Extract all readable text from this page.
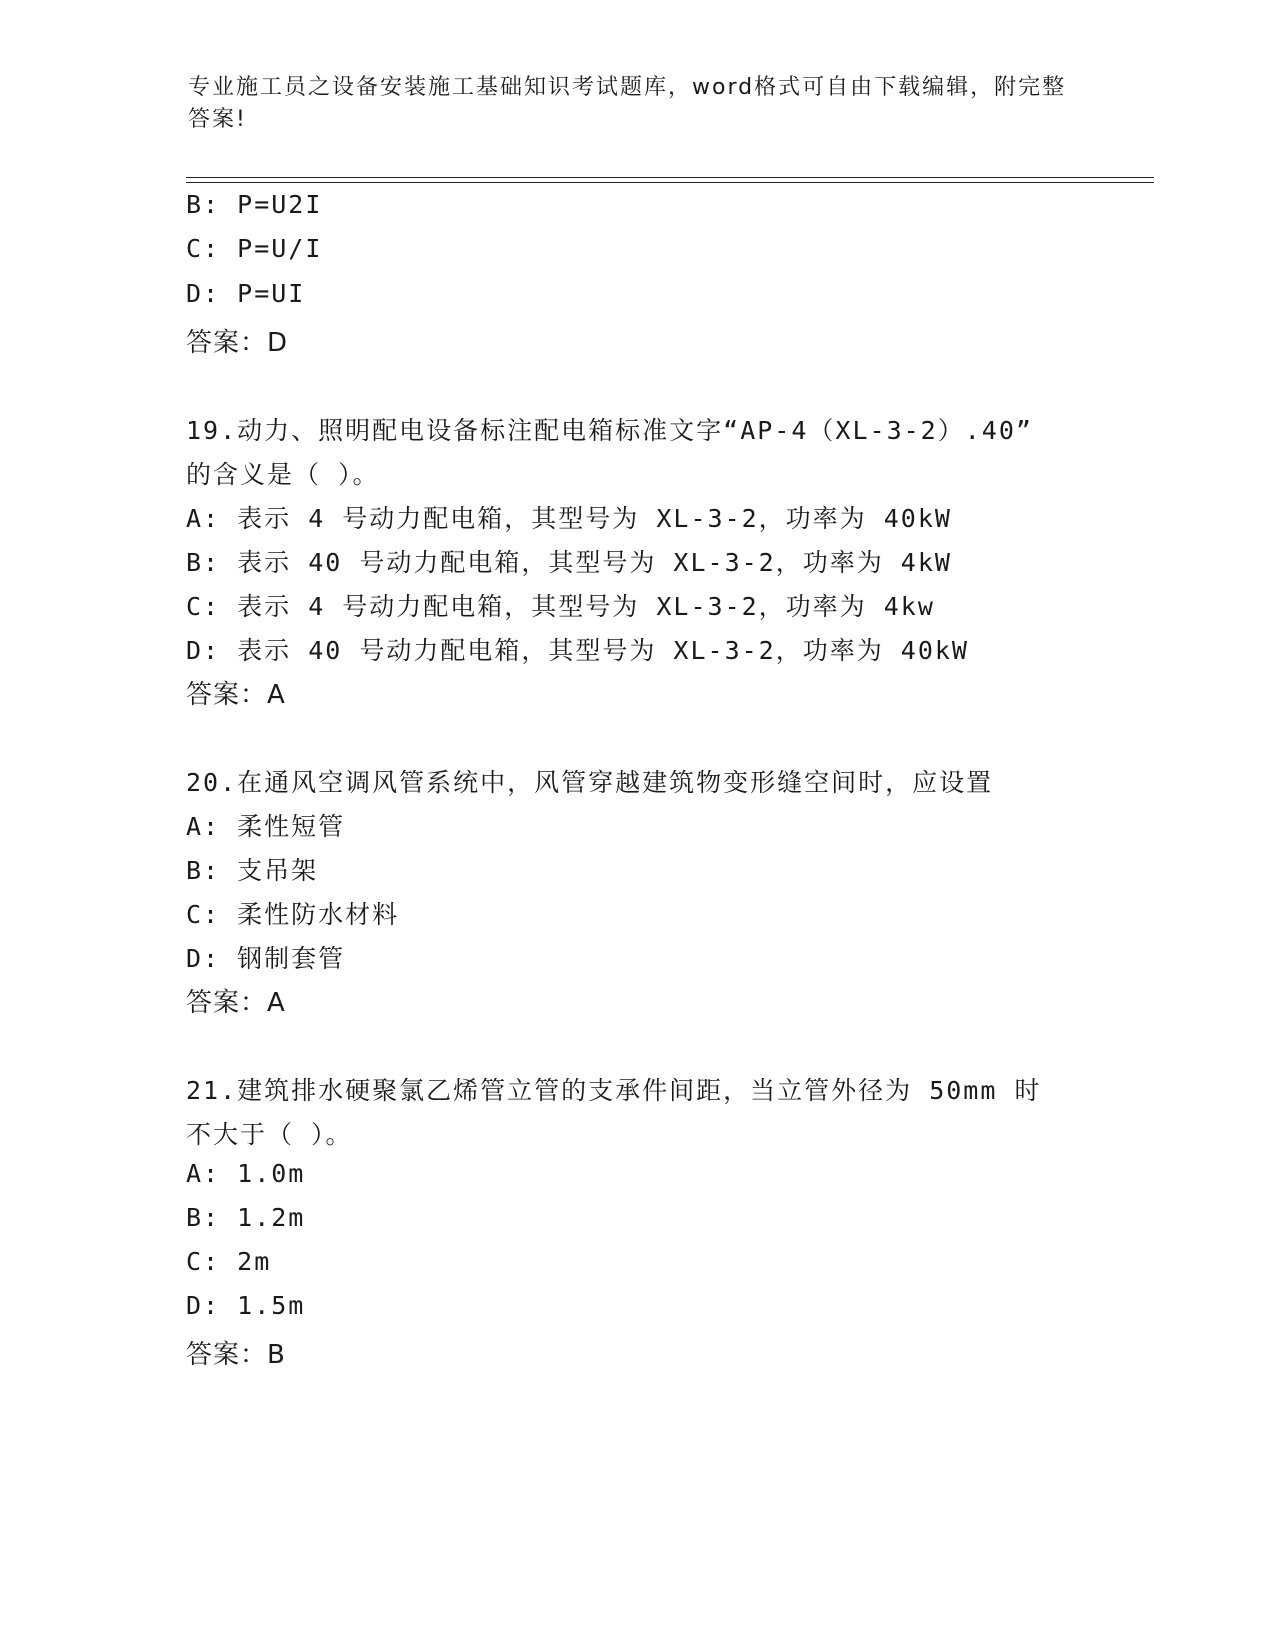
专业施工员之设备安装施工基础知识考试题库，word格式可自由下载编辑，附完整答案!
B: P=U2I
C: P=U/I
D: P=UI
答案：D
19.动力、照明配电设备标注配电箱标准文字“AP-4（XL-3-2）.40”
的含义是（ ）。
A: 表示 4 号动力配电箱，其型号为 XL-3-2，功率为 40kW
B: 表示 40 号动力配电箱，其型号为 XL-3-2，功率为 4kW
C: 表示 4 号动力配电箱，其型号为 XL-3-2，功率为 4kw
D: 表示 40 号动力配电箱，其型号为 XL-3-2，功率为 40kW
答案：A
20.在通风空调风管系统中，风管穿越建筑物变形缝空间时，应设置
A: 柔性短管
B: 支吊架
C: 柔性防水材料
D: 钢制套管
答案：A
21.建筑排水硬聚氯乙烯管立管的支承件间距，当立管外径为 50mm 时
不大于（ ）。
A: 1.0m
B: 1.2m
C: 2m
D: 1.5m
答案：B
